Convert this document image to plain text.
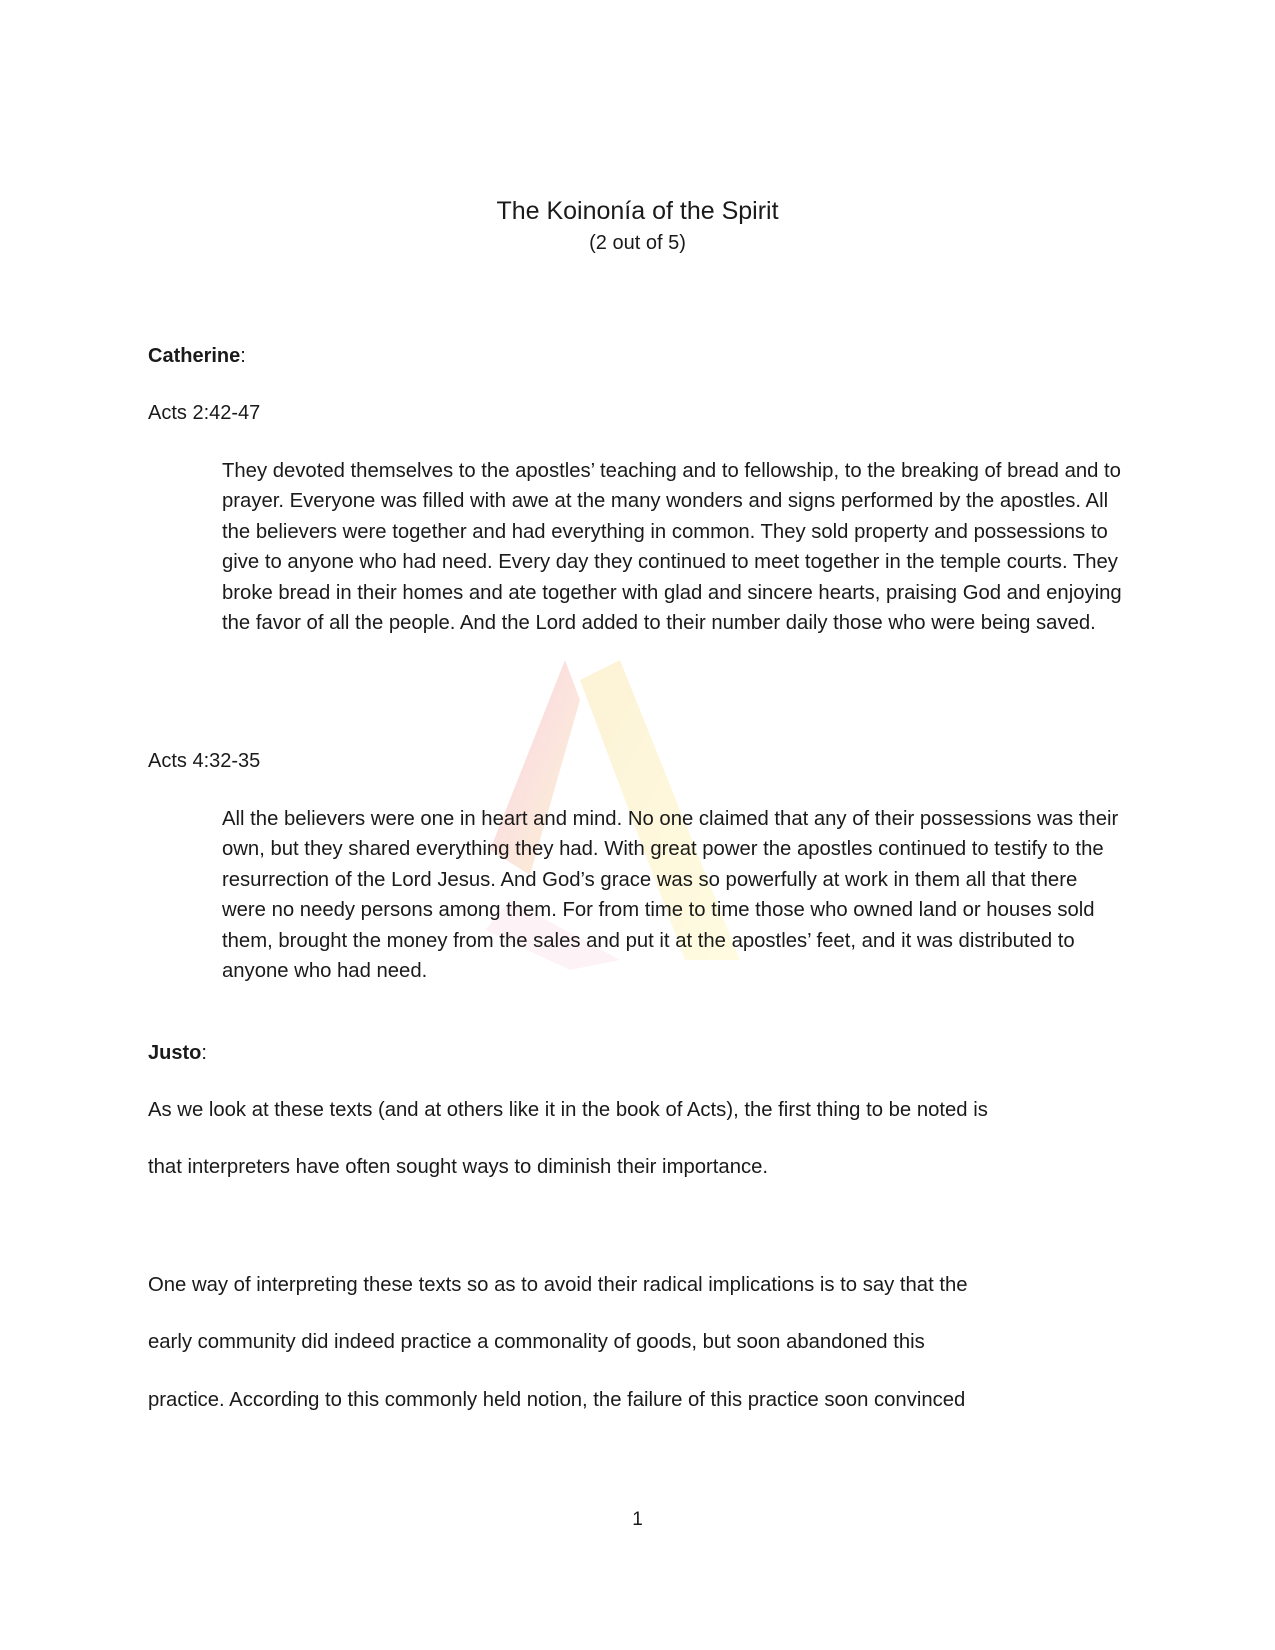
The Koinonía of the Spirit
(2 out of 5)
Catherine:
Acts 2:42-47
They devoted themselves to the apostles’ teaching and to fellowship, to the breaking of bread and to prayer. Everyone was filled with awe at the many wonders and signs performed by the apostles. All the believers were together and had everything in common. They sold property and possessions to give to anyone who had need. Every day they continued to meet together in the temple courts. They broke bread in their homes and ate together with glad and sincere hearts, praising God and enjoying the favor of all the people. And the Lord added to their number daily those who were being saved.
Acts 4:32-35
All the believers were one in heart and mind. No one claimed that any of their possessions was their own, but they shared everything they had. With great power the apostles continued to testify to the resurrection of the Lord Jesus. And God’s grace was so powerfully at work in them all that there were no needy persons among them. For from time to time those who owned land or houses sold them, brought the money from the sales and put it at the apostles’ feet, and it was distributed to anyone who had need.
Justo:
As we look at these texts (and at others like it in the book of Acts), the first thing to be noted is
that interpreters have often sought ways to diminish their importance.
One way of interpreting these texts so as to avoid their radical implications is to say that the
early community did indeed practice a commonality of goods, but soon abandoned this
practice. According to this commonly held notion, the failure of this practice soon convinced
1
